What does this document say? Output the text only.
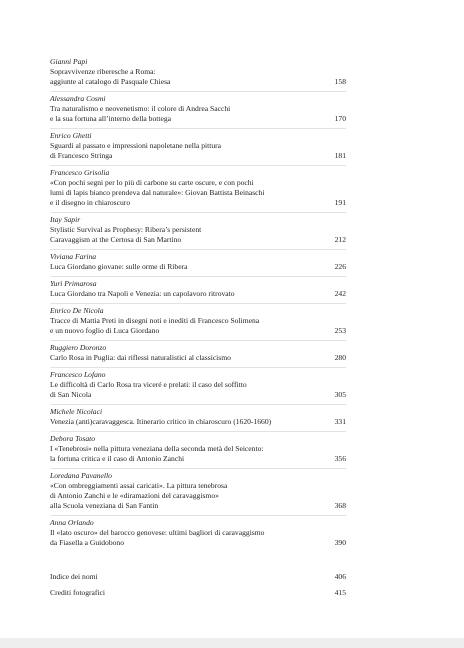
Gianni Papi
Sopravvivenze riberesche a Roma:
aggiunte al catalogo di Pasquale Chiesa	158
Alessandra Cosmi
Tra naturalismo e neovenetismo: il colore di Andrea Sacchi
e la sua fortuna all’interno della bottega	170
Enrico Ghetti
Sguardi al passato e impressioni napoletane nella pittura
di Francesco Stringa	181
Francesco Grisolia
«Con pochi segni per lo più di carbone su carte oscure, e con pochi
lumi di lapis bianco prendeva dal naturale»: Giovan Battista Beinaschi
e il disegno in chiaroscuro	191
Itay Sapir
Stylistic Survival as Prophesy: Ribera’s persistent
Caravaggism at the Certosa di San Martino	212
Viviana Farina
Luca Giordano giovane: sulle orme di Ribera	226
Yuri Primarosa
Luca Giordano tra Napoli e Venezia: un capolavoro ritrovato	242
Enrico De Nicola
Tracce di Mattia Preti in disegni noti e inediti di Francesco Solimena
e un nuovo foglio di Luca Giordano	253
Ruggiero Doronzo
Carlo Rosa in Puglia: dai riflessi naturalistici al classicismo	280
Francesco Lofano
Le difficoltà di Carlo Rosa tra viceré e prelati: il caso del soffitto
di San Nicola	305
Michele Nicolaci
Venezia (anti)caravaggesca. Itinerario critico in chiaroscuro (1620-1660)	331
Debora Tosato
I «Tenebrosi» nella pittura veneziana della seconda metà del Seicento:
la fortuna critica e il caso di Antonio Zanchi	356
Loredana Pavanello
«Con ombreggiamenti assai caricati». La pittura tenebrosa
di Antonio Zanchi e le «diramazioni del caravaggismo»
alla Scuola veneziana di San Fantin	368
Anna Orlando
Il «lato oscuro» del barocco genovese: ultimi bagliori di caravaggismo
da Fiasella a Guidobono	390
Indice dei nomi	406
Crediti fotografici	415
